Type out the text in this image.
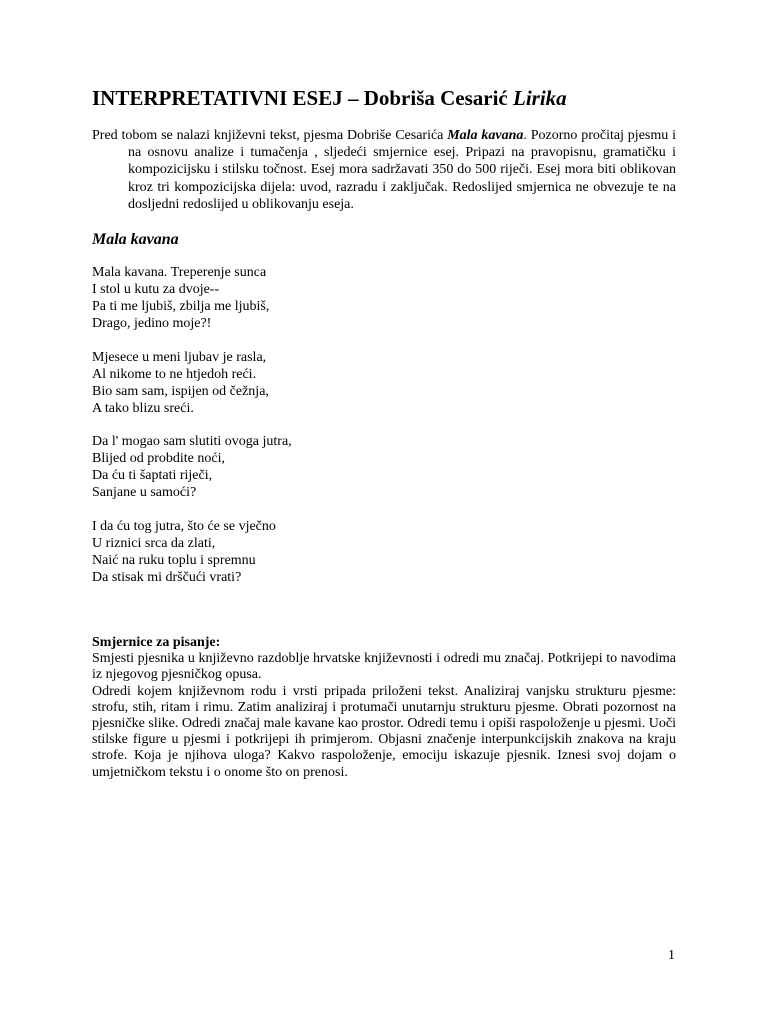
INTERPRETATIVNI ESEJ – Dobriša Cesarić Lirika

Pred tobom se nalazi književni tekst, pjesma Dobriše Cesarića Mala kavana. Pozorno pročitaj pjesmu i na osnovu analize i tumačenja , sljedeći smjernice esej. Pripazi na pravopisnu, gramatičku i kompozicijsku i stilsku točnost. Esej mora sadržavati 350 do 500 riječi. Esej mora biti oblikovan kroz tri kompozicijska dijela: uvod, razradu i zaključak. Redoslijed smjernica ne obvezuje te na dosljedni redoslijed u oblikovanju eseja.

Mala kavana
Mala kavana. Treperenje sunca
I stol u kutu za dvoje--
Pa ti me ljubiš, zbilja me ljubiš,
Drago, jedino moje?!
Mjesece u meni ljubav je rasla,
Al nikome to ne htjedoh reći.
Bio sam sam, ispijen od čežnja,
A tako blizu sreći.
Da l' mogao sam slutiti ovoga jutra,
Blijed od probdite noći,
Da ću ti šaptati riječi,
Sanjane u samoći?
I da ću tog jutra, što će se vječno
U riznici srca da zlati,
Naić na ruku toplu i spremnu
Da stisak mi drščući vrati?
Smjernice za pisanje:

Smjesti pjesnika u književno razdoblje hrvatske književnosti i odredi mu značaj. Potkrijepi to navodima iz njegovog pjesničkog opusa.

Odredi kojem književnom rodu i vrsti pripada priloženi tekst. Analiziraj vanjsku strukturu pjesme: strofu, stih, ritam i rimu. Zatim analiziraj i protumači unutarnju strukturu pjesme. Obrati pozornost na pjesničke slike. Odredi značaj male kavane kao prostor. Odredi temu i opiši raspoloženje u pjesmi. Uoči stilske figure u pjesmi i potkrijepi ih primjerom. Objasni značenje interpunkcijskih znakova na kraju strofe. Koja je njihova uloga? Kakvo raspoloženje, emociju iskazuje pjesnik. Iznesi svoj dojam o umjetničkom tekstu i o onome što on prenosi.

1
